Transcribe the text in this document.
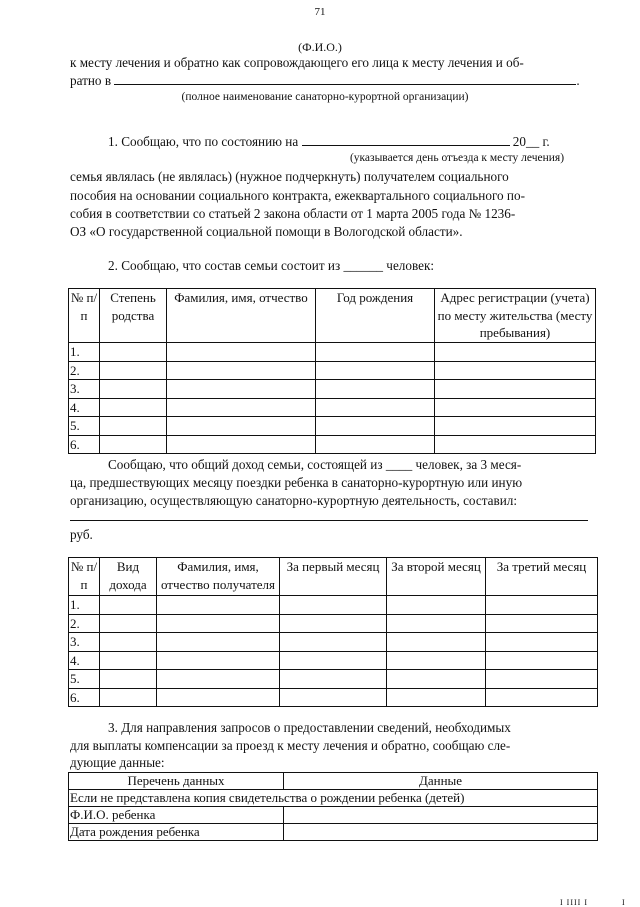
71
(Ф.И.О.)
к месту лечения и обратно как сопровождающего его лица к месту лечения и об-
ратно в	.
(полное наименование санаторно-курортной организации)
1. Сообщаю, что по состоянию на	20__ г.
(указывается день отъезда к месту лечения)
семья являлась (не являлась) (нужное подчеркнуть) получателем социального
пособия на основании социального контракта, ежеквартального социального по-
собия в соответствии со статьей 2 закона области от 1 марта 2005 года № 1236-
ОЗ «О государственной социальной помощи в Вологодской области».
2. Сообщаю, что состав семьи состоит из ______ человек:
№ п/п	Степень родства	Фамилия, имя, отчество	Год рождения	Адрес регистрации (учета) по месту жительства (месту пребывания)
1.				
2.				
3.				
4.				
5.				
6.				
Сообщаю, что общий доход семьи, состоящей из ____ человек, за 3 меся-
ца, предшествующих месяцу поездки ребенка в санаторно-курортную или иную
организацию, осуществляющую санаторно-курортную деятельность, составил:
руб.
№ п/п	Вид дохода	Фамилия, имя, отчество получателя	За первый месяц	За второй месяц	За третий месяц
1.					
2.					
3.					
4.					
5.					
6.					
3. Для направления запросов о предоставлении сведений, необходимых
для выплаты компенсации за проезд к месту лечения и обратно, сообщаю сле-
дующие данные:
Перечень данных	Данные
Если не представлена копия свидетельства о рождении ребенка (детей)	
Ф.И.О. ребенка	
Дата рождения ребенка	
I IIII I	I
